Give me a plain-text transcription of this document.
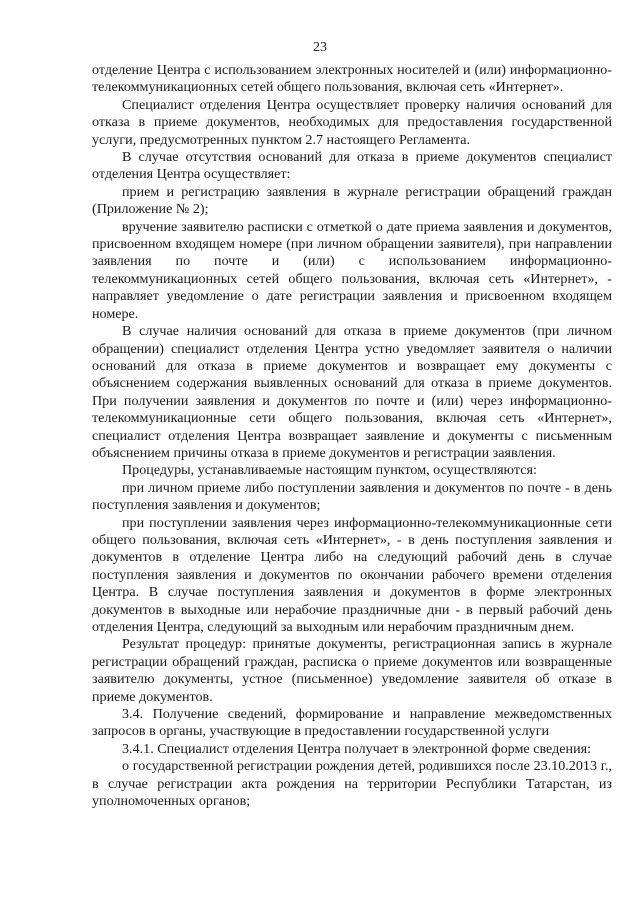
23

отделение Центра с использованием электронных носителей и (или) информационно-телекоммуникационных сетей общего пользования, включая сеть «Интернет».

Специалист отделения Центра осуществляет проверку наличия оснований для отказа в приеме документов, необходимых для предоставления государственной услуги, предусмотренных пунктом 2.7 настоящего Регламента.

В случае отсутствия оснований для отказа в приеме документов специалист отделения Центра осуществляет:

прием и регистрацию заявления в журнале регистрации обращений граждан (Приложение № 2);

вручение заявителю расписки с отметкой о дате приема заявления и документов, присвоенном входящем номере (при личном обращении заявителя), при направлении заявления по почте и (или) с использованием информационно-телекоммуникационных сетей общего пользования, включая сеть «Интернет», - направляет уведомление о дате регистрации заявления и присвоенном входящем номере.

В случае наличия оснований для отказа в приеме документов (при личном обращении) специалист отделения Центра устно уведомляет заявителя о наличии оснований для отказа в приеме документов и возвращает ему документы с объяснением содержания выявленных оснований для отказа в приеме документов. При получении заявления и документов по почте и (или) через информационно-телекоммуникационные сети общего пользования, включая сеть «Интернет», специалист отделения Центра возвращает заявление и документы с письменным объяснением причины отказа в приеме документов и регистрации заявления.

Процедуры, устанавливаемые настоящим пунктом, осуществляются:

при личном приеме либо поступлении заявления и документов по почте - в день поступления заявления и документов;

при поступлении заявления через информационно-телекоммуникационные сети общего пользования, включая сеть «Интернет», - в день поступления заявления и документов в отделение Центра либо на следующий рабочий день в случае поступления заявления и документов по окончании рабочего времени отделения Центра. В случае поступления заявления и документов в форме электронных документов в выходные или нерабочие праздничные дни - в первый рабочий день отделения Центра, следующий за выходным или нерабочим праздничным днем.

Результат процедур: принятые документы, регистрационная запись в журнале регистрации обращений граждан, расписка о приеме документов или возвращенные заявителю документы, устное (письменное) уведомление заявителя об отказе в приеме документов.

3.4. Получение сведений, формирование и направление межведомственных запросов в органы, участвующие в предоставлении государственной услуги

3.4.1. Специалист отделения Центра получает в электронной форме сведения:

о государственной регистрации рождения детей, родившихся после 23.10.2013 г., в случае регистрации акта рождения на территории Республики Татарстан, из уполномоченных органов;
